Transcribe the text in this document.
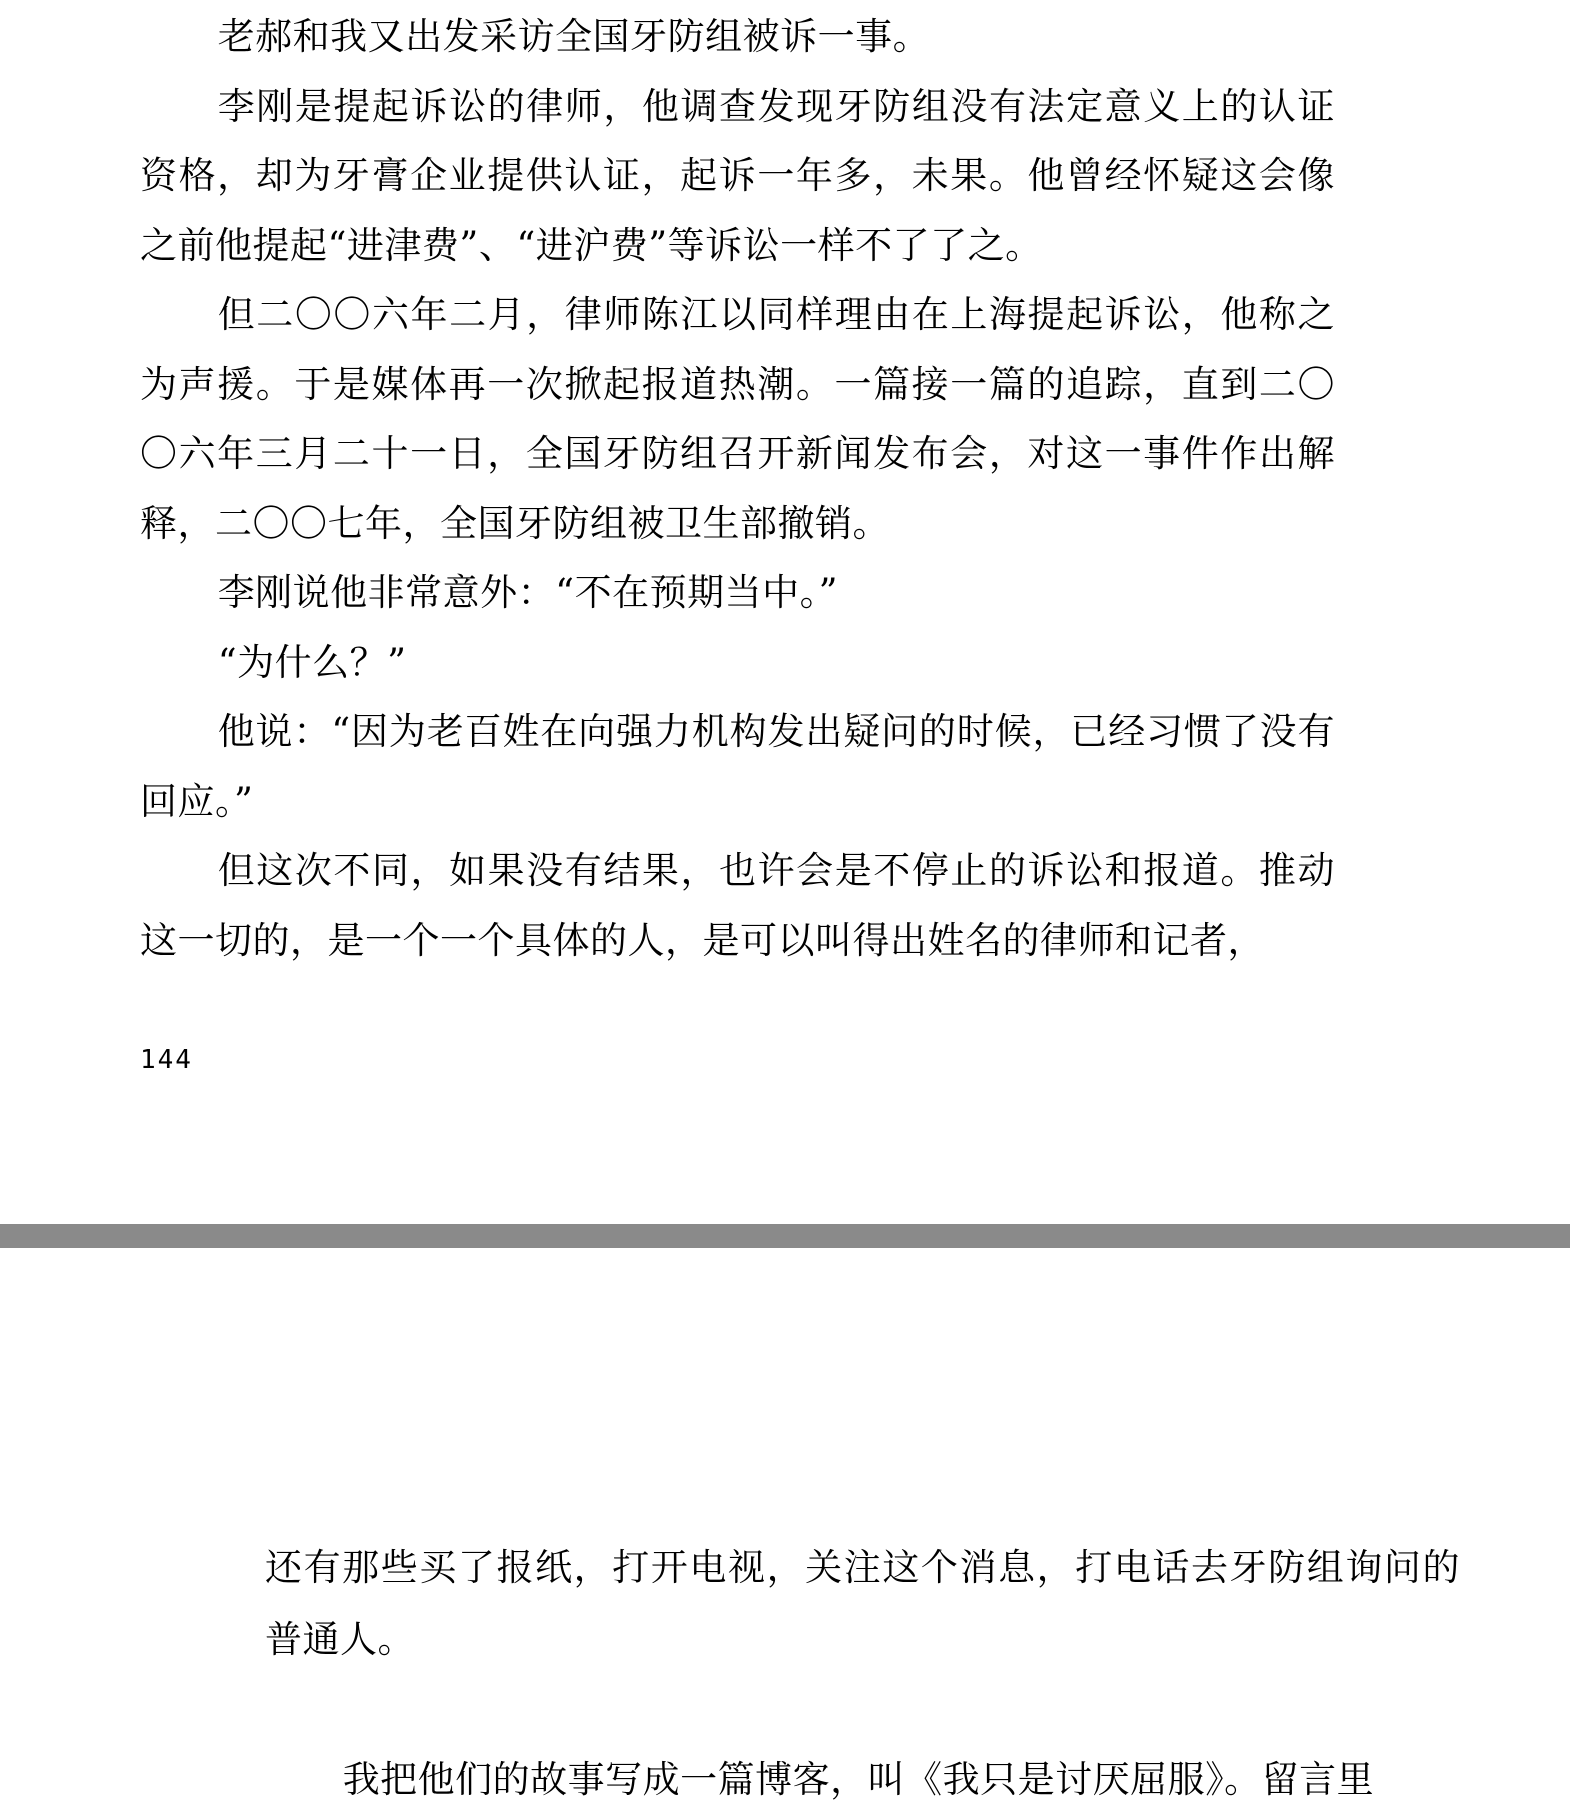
老郝和我又出发采访全国牙防组被诉一事。

李刚是提起诉讼的律师，他调查发现牙防组没有法定意义上的认证资格，却为牙膏企业提供认证，起诉一年多，未果。他曾经怀疑这会像之前他提起“进津费”、“进沪费”等诉讼一样不了了之。

但二〇〇六年二月，律师陈江以同样理由在上海提起诉讼，他称之为声援。于是媒体再一次掀起报道热潮。一篇接一篇的追踪，直到二〇〇六年三月二十一日，全国牙防组召开新闻发布会，对这一事件作出解释，二〇〇七年，全国牙防组被卫生部撤销。

李刚说他非常意外：“不在预期当中。”

“为什么？”

他说：“因为老百姓在向强力机构发出疑问的时候，已经习惯了没有回应。”

但这次不同，如果没有结果，也许会是不停止的诉讼和报道。推动这一切的，是一个一个具体的人，是可以叫得出姓名的律师和记者，

144

还有那些买了报纸，打开电视，关注这个消息，打电话去牙防组询问的普通人。

我把他们的故事写成一篇博客，叫《我只是讨厌屈服》。留言里
